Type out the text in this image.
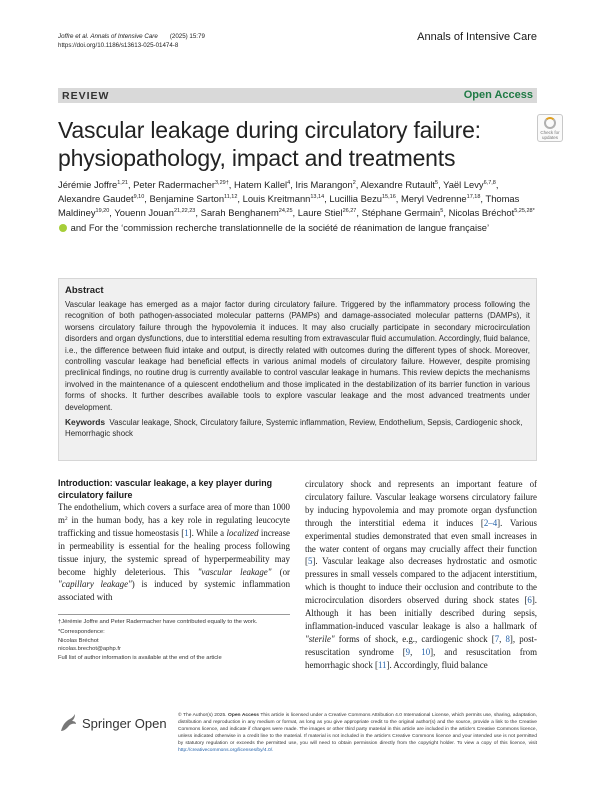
Joffre et al. Annals of Intensive Care (2025) 15:79
https://doi.org/10.1186/s13613-025-01474-8
Annals of Intensive Care
REVIEW	Open Access
Vascular leakage during circulatory failure: physiopathology, impact and treatments
Check for updates
Jérémie Joffre$^{1,21}$, Peter Radermacher$^{3,29\dagger}$, Hatem Kallel$^4$, Iris Marangon$^2$, Alexandre Rutault$^5$, Yaël Levy$^{6,7,8}$, Alexandre Gaudet$^{9,10}$, Benjamine Sarton$^{11,12}$, Louis Kreitmann$^{13,14}$, Lucillia Bezu$^{15,16}$, Meryl Vedrenne$^{17,18}$, Thomas Maldiney$^{19,20}$, Youenn Jouan$^{21,22,23}$, Sarah Benghanem$^{24,25}$, Laure Stiel$^{26,27}$, Stéphane Germain$^5$, Nicolas Bréchot$^{5,25,28*}$ and For the ‘commission recherche translationnelle de la société de réanimation de langue française’
Abstract
Vascular leakage has emerged as a major factor during circulatory failure. Triggered by the inflammatory process following the recognition of both pathogen-associated molecular patterns (PAMPs) and damage-associated molecular patterns (DAMPs), it worsens circulatory failure through the hypovolemia it induces. It may also crucially participate in secondary microcirculation disorders and organ dysfunctions, due to interstitial edema resulting from extravascular fluid accumulation. Accordingly, fluid balance, i.e., the difference between fluid intake and output, is directly related with outcomes during the different types of shock. Moreover, controlling vascular leakage had beneficial effects in various animal models of circulatory failure. However, despite promising preclinical findings, no routine drug is currently available to control vascular leakage in humans. This review depicts the mechanisms involved in the maintenance of a quiescent endothelium and those implicated in the destabilization of its barrier function in various forms of shocks. It further describes available tools to explore vascular leakage and the most advanced treatments under development.
Keywords Vascular leakage, Shock, Circulatory failure, Systemic inflammation, Review, Endothelium, Sepsis, Cardiogenic shock, Hemorrhagic shock
Introduction: vascular leakage, a key player during circulatory failure
The endothelium, which covers a surface area of more than 1000 $m^2$ in the human body, has a key role in regulating leucocyte trafficking and tissue homeostasis [1]. While a localized increase in permeability is essential for the healing process following tissue injury, the systemic spread of hyperpermeability may become highly deleterious. This "vascular leakage" (or "capillary leakage") is induced by systemic inflammation associated with

†Jérémie Joffre and Peter Radermacher have contributed equally to the work.

*Correspondence:

Nicolas Bréchot

nicolas.brechot@aphp.fr

Full list of author information is available at the end of the article

circulatory shock and represents an important feature of circulatory failure. Vascular leakage worsens circulatory failure by inducing hypovolemia and may promote organ dysfunction through the interstitial edema it induces [2–4]. Various experimental studies demonstrated that even small increases in the water content of organs may crucially affect their function [5]. Vascular leakage also decreases hydrostatic and osmotic pressures in small vessels compared to the adjacent interstitium, which is thought to induce their occlusion and contribute to the microcirculation disorders observed during shock states [6]. Although it has been initially described during sepsis, inflammation-induced vascular leakage is also a hallmark of "sterile" forms of shock, e.g., cardiogenic shock [7, 8], post-resuscitation syndrome [9, 10], and resuscitation from hemorrhagic shock [11]. Accordingly, fluid balance
Springer Open © The Author(s) 2025. Open Access This article is licensed under a Creative Commons Attribution 4.0 International License, which permits use, sharing, adaptation, distribution and reproduction in any medium or format, as long as you give appropriate credit to the original author(s) and the source, provide a link to the Creative Commons licence, and indicate if changes were made. The images or other third party material in this article are included in the article's Creative Commons licence, unless indicated otherwise in a credit line to the material. If material is not included in the article's Creative Commons licence and your intended use is not permitted by statutory regulation or exceeds the permitted use, you will need to obtain permission directly from the copyright holder. To view a copy of this licence, visit http://creativecommons.org/licenses/by/4.0/.
